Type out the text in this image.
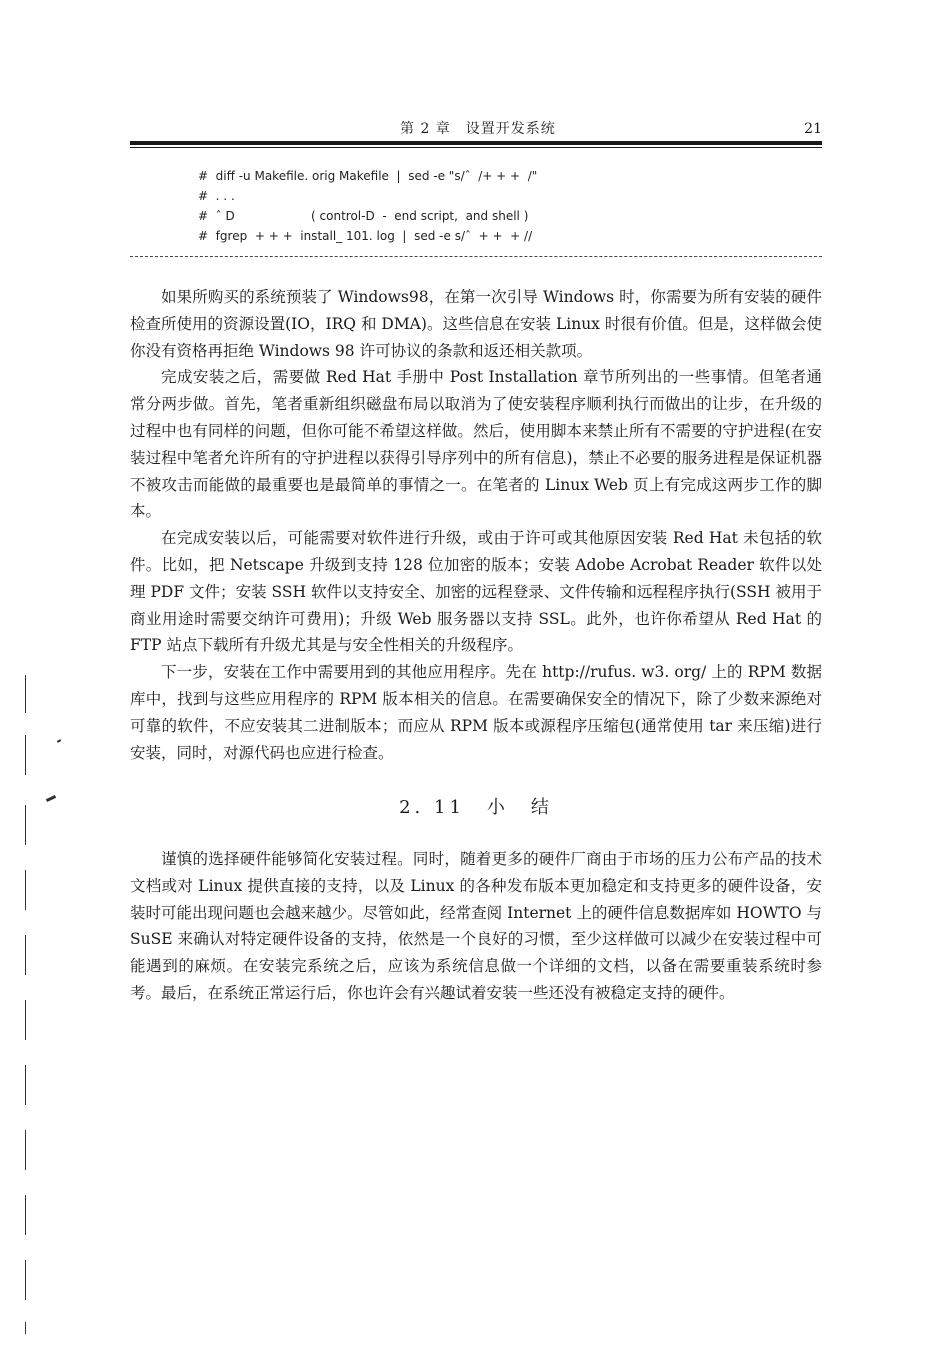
第 2 章　设置开发系统	21
#  diff -u Makefile. orig Makefile  |  sed -e "s/ˆ  /+ + +  /"
#  . . .
#  ˆ D                    ( control-D  -  end script,  and shell )
#  fgrep  + + +  install_ 101. log  |  sed -e s/ˆ  + +  + //

如果所购买的系统预装了 Windows98，在第一次引导 Windows 时，你需要为所有安装的硬件检查所使用的资源设置(IO，IRQ 和 DMA)。这些信息在安装 Linux 时很有价值。但是，这样做会使你没有资格再拒绝 Windows 98 许可协议的条款和返还相关款项。

完成安装之后，需要做 Red Hat 手册中 Post Installation 章节所列出的一些事情。但笔者通常分两步做。首先，笔者重新组织磁盘布局以取消为了使安装程序顺利执行而做出的让步，在升级的过程中也有同样的问题，但你可能不希望这样做。然后，使用脚本来禁止所有不需要的守护进程(在安装过程中笔者允许所有的守护进程以获得引导序列中的所有信息)，禁止不必要的服务进程是保证机器不被攻击而能做的最重要也是最简单的事情之一。在笔者的 Linux Web 页上有完成这两步工作的脚本。

在完成安装以后，可能需要对软件进行升级，或由于许可或其他原因安装 Red Hat 未包括的软件。比如，把 Netscape 升级到支持 128 位加密的版本；安装 Adobe Acrobat Reader 软件以处理 PDF 文件；安装 SSH 软件以支持安全、加密的远程登录、文件传输和远程程序执行(SSH 被用于商业用途时需要交纳许可费用)；升级 Web 服务器以支持 SSL。此外，也许你希望从 Red Hat 的 FTP 站点下载所有升级尤其是与安全性相关的升级程序。

下一步，安装在工作中需要用到的其他应用程序。先在 http://rufus. w3. org/ 上的 RPM 数据库中，找到与这些应用程序的 RPM 版本相关的信息。在需要确保安全的情况下，除了少数来源绝对可靠的软件，不应安装其二进制版本；而应从 RPM 版本或源程序压缩包(通常使用 tar 来压缩)进行安装，同时，对源代码也应进行检查。

2. 11　小　结

谨慎的选择硬件能够简化安装过程。同时，随着更多的硬件厂商由于市场的压力公布产品的技术文档或对 Linux 提供直接的支持，以及 Linux 的各种发布版本更加稳定和支持更多的硬件设备，安装时可能出现问题也会越来越少。尽管如此，经常查阅 Internet 上的硬件信息数据库如 HOWTO 与 SuSE 来确认对特定硬件设备的支持，依然是一个良好的习惯，至少这样做可以减少在安装过程中可能遇到的麻烦。在安装完系统之后，应该为系统信息做一个详细的文档，以备在需要重装系统时参考。最后，在系统正常运行后，你也许会有兴趣试着安装一些还没有被稳定支持的硬件。
